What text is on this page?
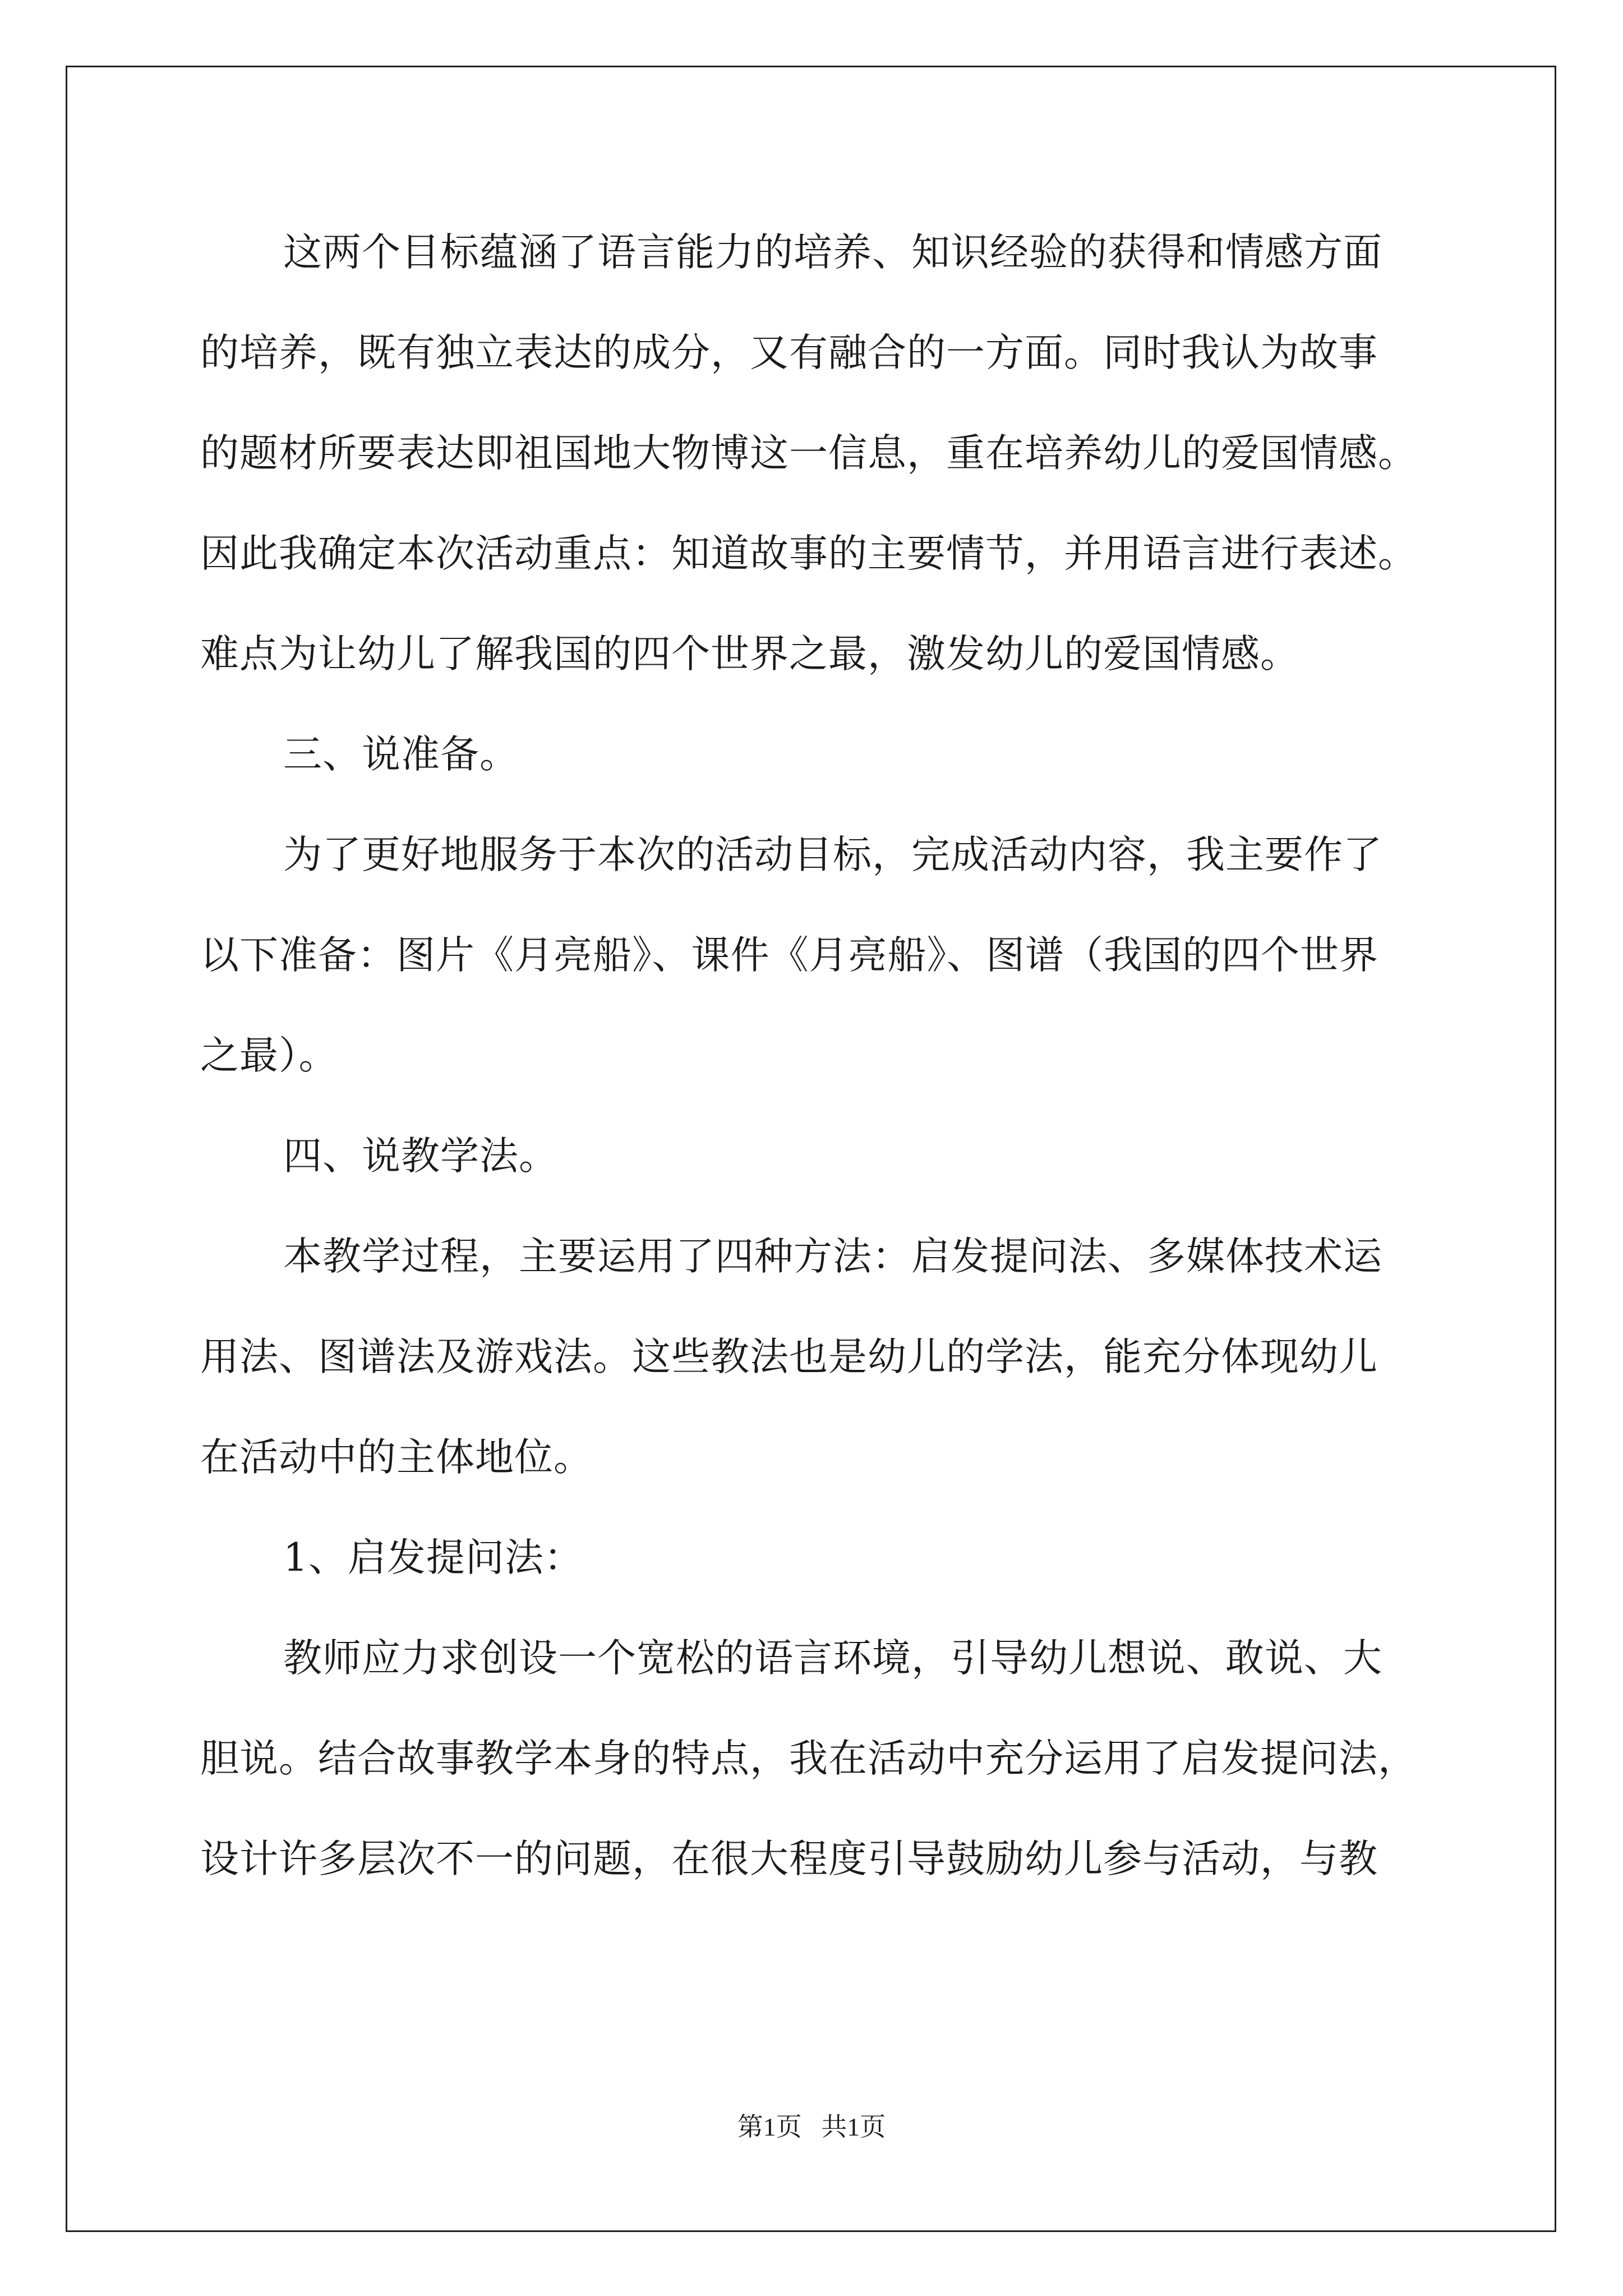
这两个目标蕴涵了语言能力的培养、知识经验的获得和情感方面
的培养，既有独立表达的成分，又有融合的一方面。同时我认为故事
的题材所要表达即祖国地大物博这一信息，重在培养幼儿的爱国情感。
因此我确定本次活动重点：知道故事的主要情节，并用语言进行表述。
难点为让幼儿了解我国的四个世界之最，激发幼儿的爱国情感。
三、说准备。
为了更好地服务于本次的活动目标，完成活动内容，我主要作了
以下准备：图片《月亮船》、课件《月亮船》、图谱（我国的四个世界
之最）。
四、说教学法。
本教学过程，主要运用了四种方法：启发提问法、多媒体技术运
用法、图谱法及游戏法。这些教法也是幼儿的学法，能充分体现幼儿
在活动中的主体地位。
1、启发提问法：
教师应力求创设一个宽松的语言环境，引导幼儿想说、敢说、大
胆说。结合故事教学本身的特点，我在活动中充分运用了启发提问法，
设计许多层次不一的问题，在很大程度引导鼓励幼儿参与活动，与教
第1页   共1页
